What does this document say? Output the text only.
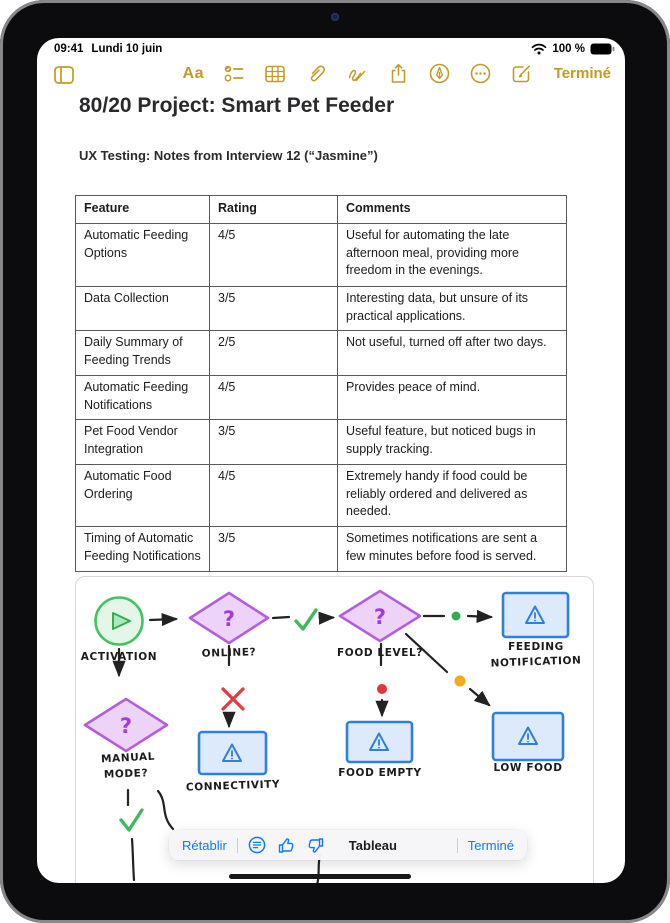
09:41 Lundi 10 juin	100 %
Aa	Terminé
80/20 Project: Smart Pet Feeder
UX Testing: Notes from Interview 12 (“Jasmine”)
Feature	Rating	Comments
Automatic Feeding Options	4/5	Useful for automating the late afternoon meal, providing more freedom in the evenings.
Data Collection	3/5	Interesting data, but unsure of its practical applications.
Daily Summary of Feeding Trends	2/5	Not useful, turned off after two days.
Automatic Feeding Notifications	4/5	Provides peace of mind.
Pet Food Vendor Integration	3/5	Useful feature, but noticed bugs in supply tracking.
Automatic Food Ordering	4/5	Extremely handy if food could be reliably ordered and delivered as needed.
Timing of Automatic Feeding Notifications	3/5	Sometimes notifications are sent a few minutes before food is served.
?	?
?
ACTIVATION	ONLINE?	FOOD LEVEL?	FEEDING
NOTIFICATION
MANUAL
MODE?
CONNECTIVITY
FOOD EMPTY	LOW FOOD
Rétablir	Tableau	Terminé
